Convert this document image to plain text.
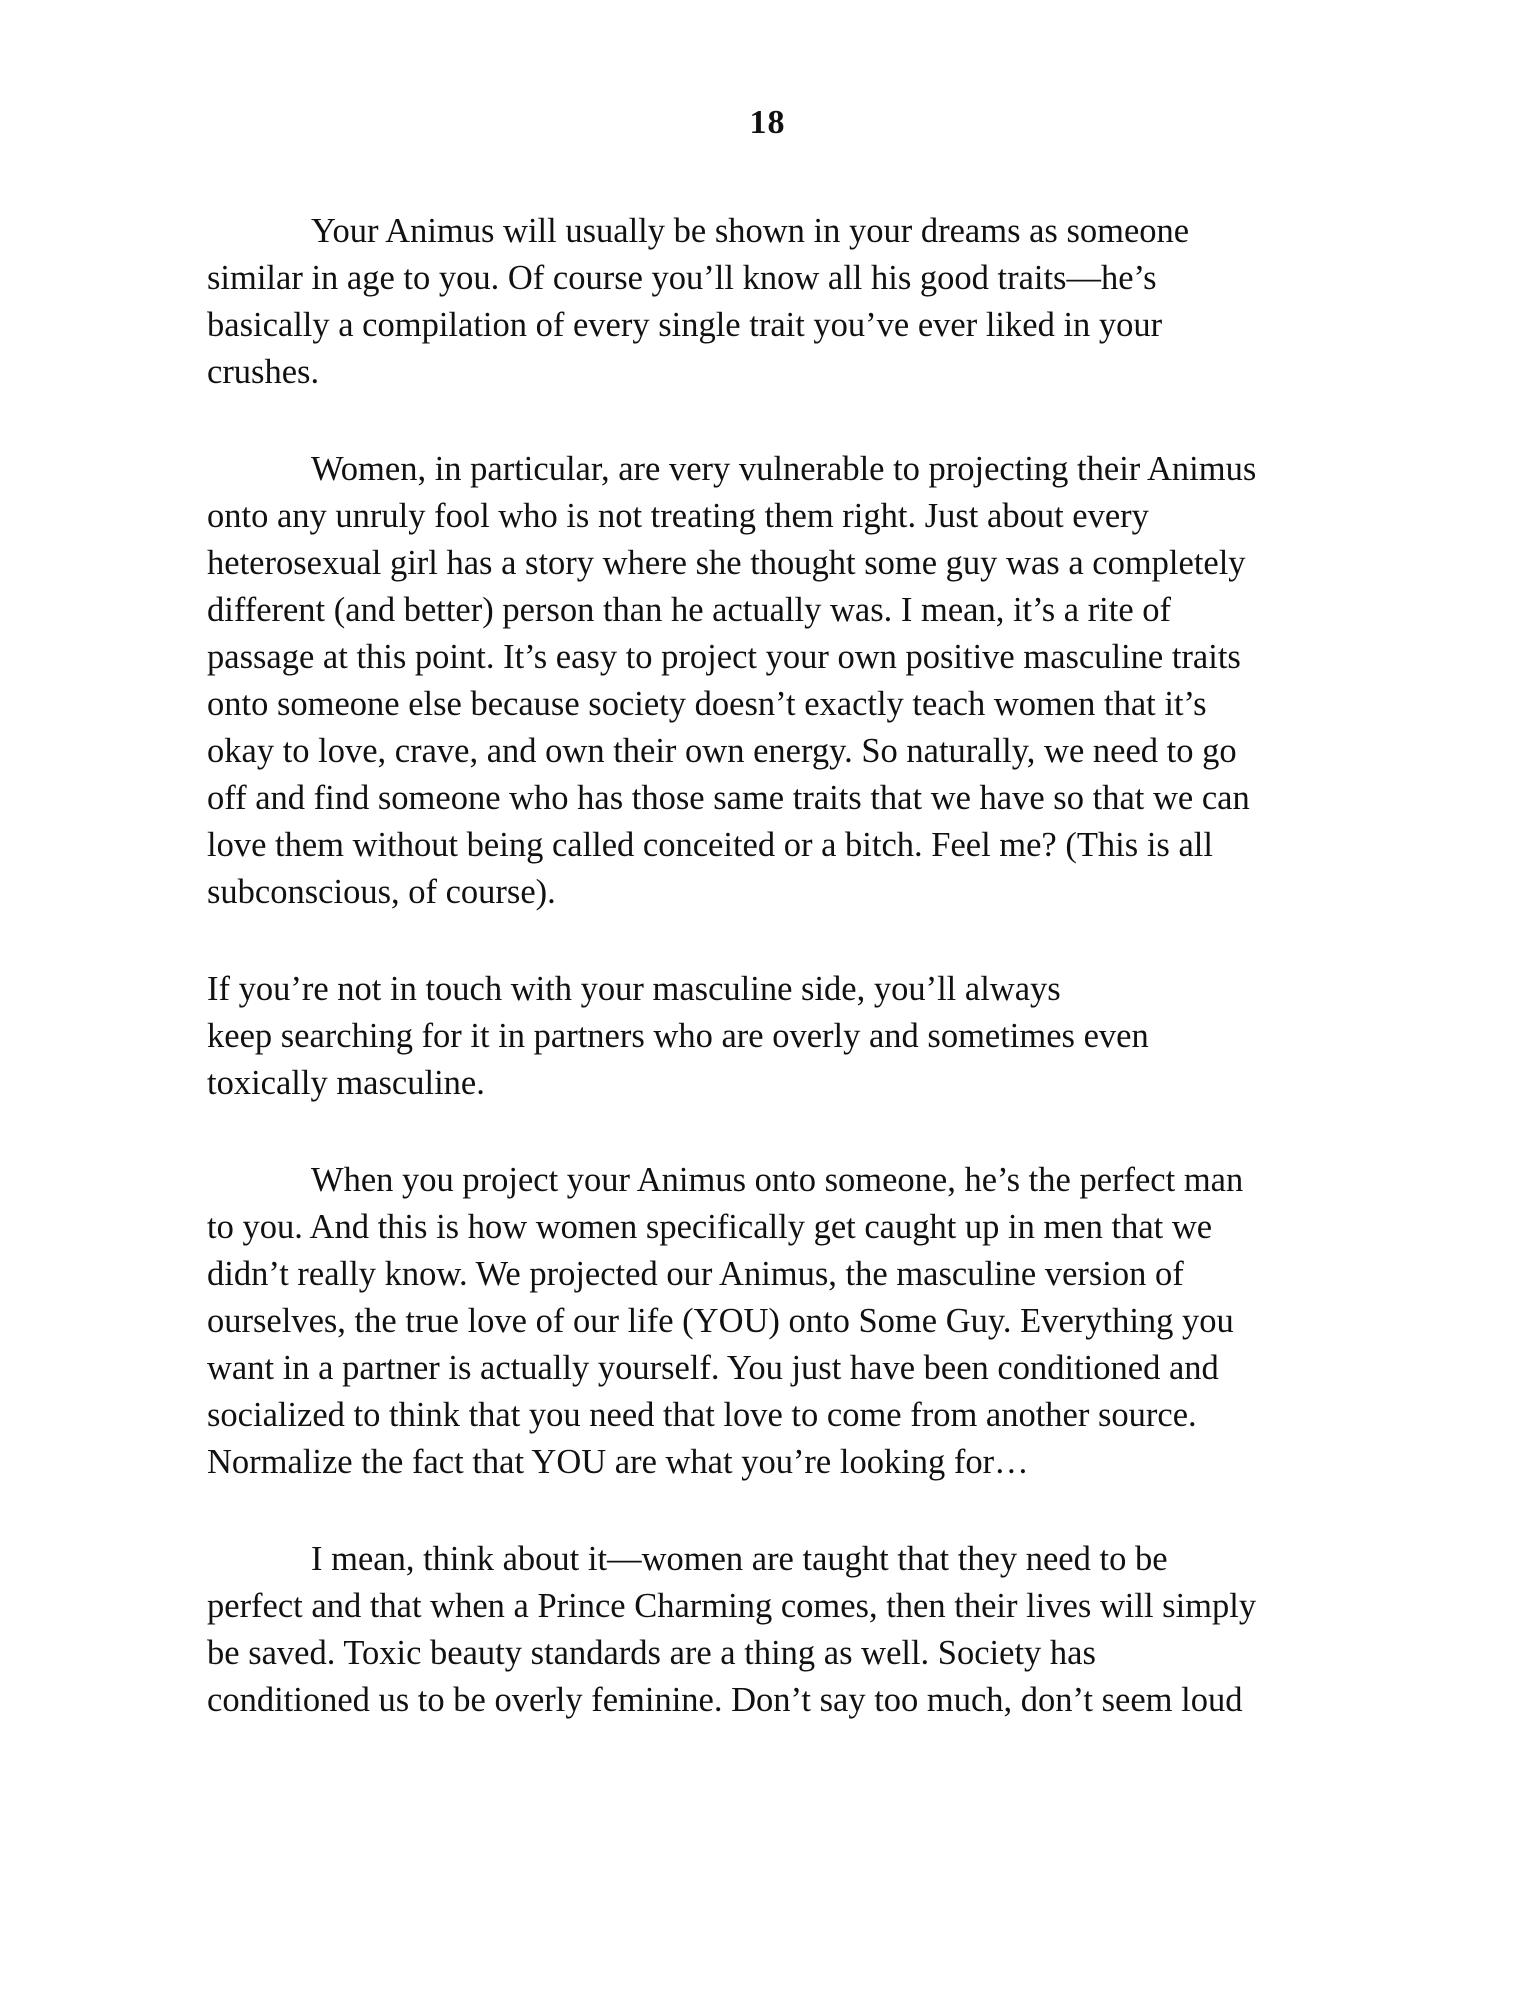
18
Your Animus will usually be shown in your dreams as someone
similar in age to you. Of course you’ll know all his good traits—he’s
basically a compilation of every single trait you’ve ever liked in your
crushes.
Women, in particular, are very vulnerable to projecting their Animus
onto any unruly fool who is not treating them right. Just about every
heterosexual girl has a story where she thought some guy was a completely
different (and better) person than he actually was. I mean, it’s a rite of
passage at this point. It’s easy to project your own positive masculine traits
onto someone else because society doesn’t exactly teach women that it’s
okay to love, crave, and own their own energy. So naturally, we need to go
off and find someone who has those same traits that we have so that we can
love them without being called conceited or a bitch. Feel me? (This is all
subconscious, of course).
If you’re not in touch with your masculine side, you’ll always
keep searching for it in partners who are overly and sometimes even
toxically masculine.
When you project your Animus onto someone, he’s the perfect man
to you. And this is how women specifically get caught up in men that we
didn’t really know. We projected our Animus, the masculine version of
ourselves, the true love of our life (YOU) onto Some Guy. Everything you
want in a partner is actually yourself. You just have been conditioned and
socialized to think that you need that love to come from another source.
Normalize the fact that YOU are what you’re looking for…
I mean, think about it—women are taught that they need to be
perfect and that when a Prince Charming comes, then their lives will simply
be saved. Toxic beauty standards are a thing as well. Society has
conditioned us to be overly feminine. Don’t say too much, don’t seem loud
